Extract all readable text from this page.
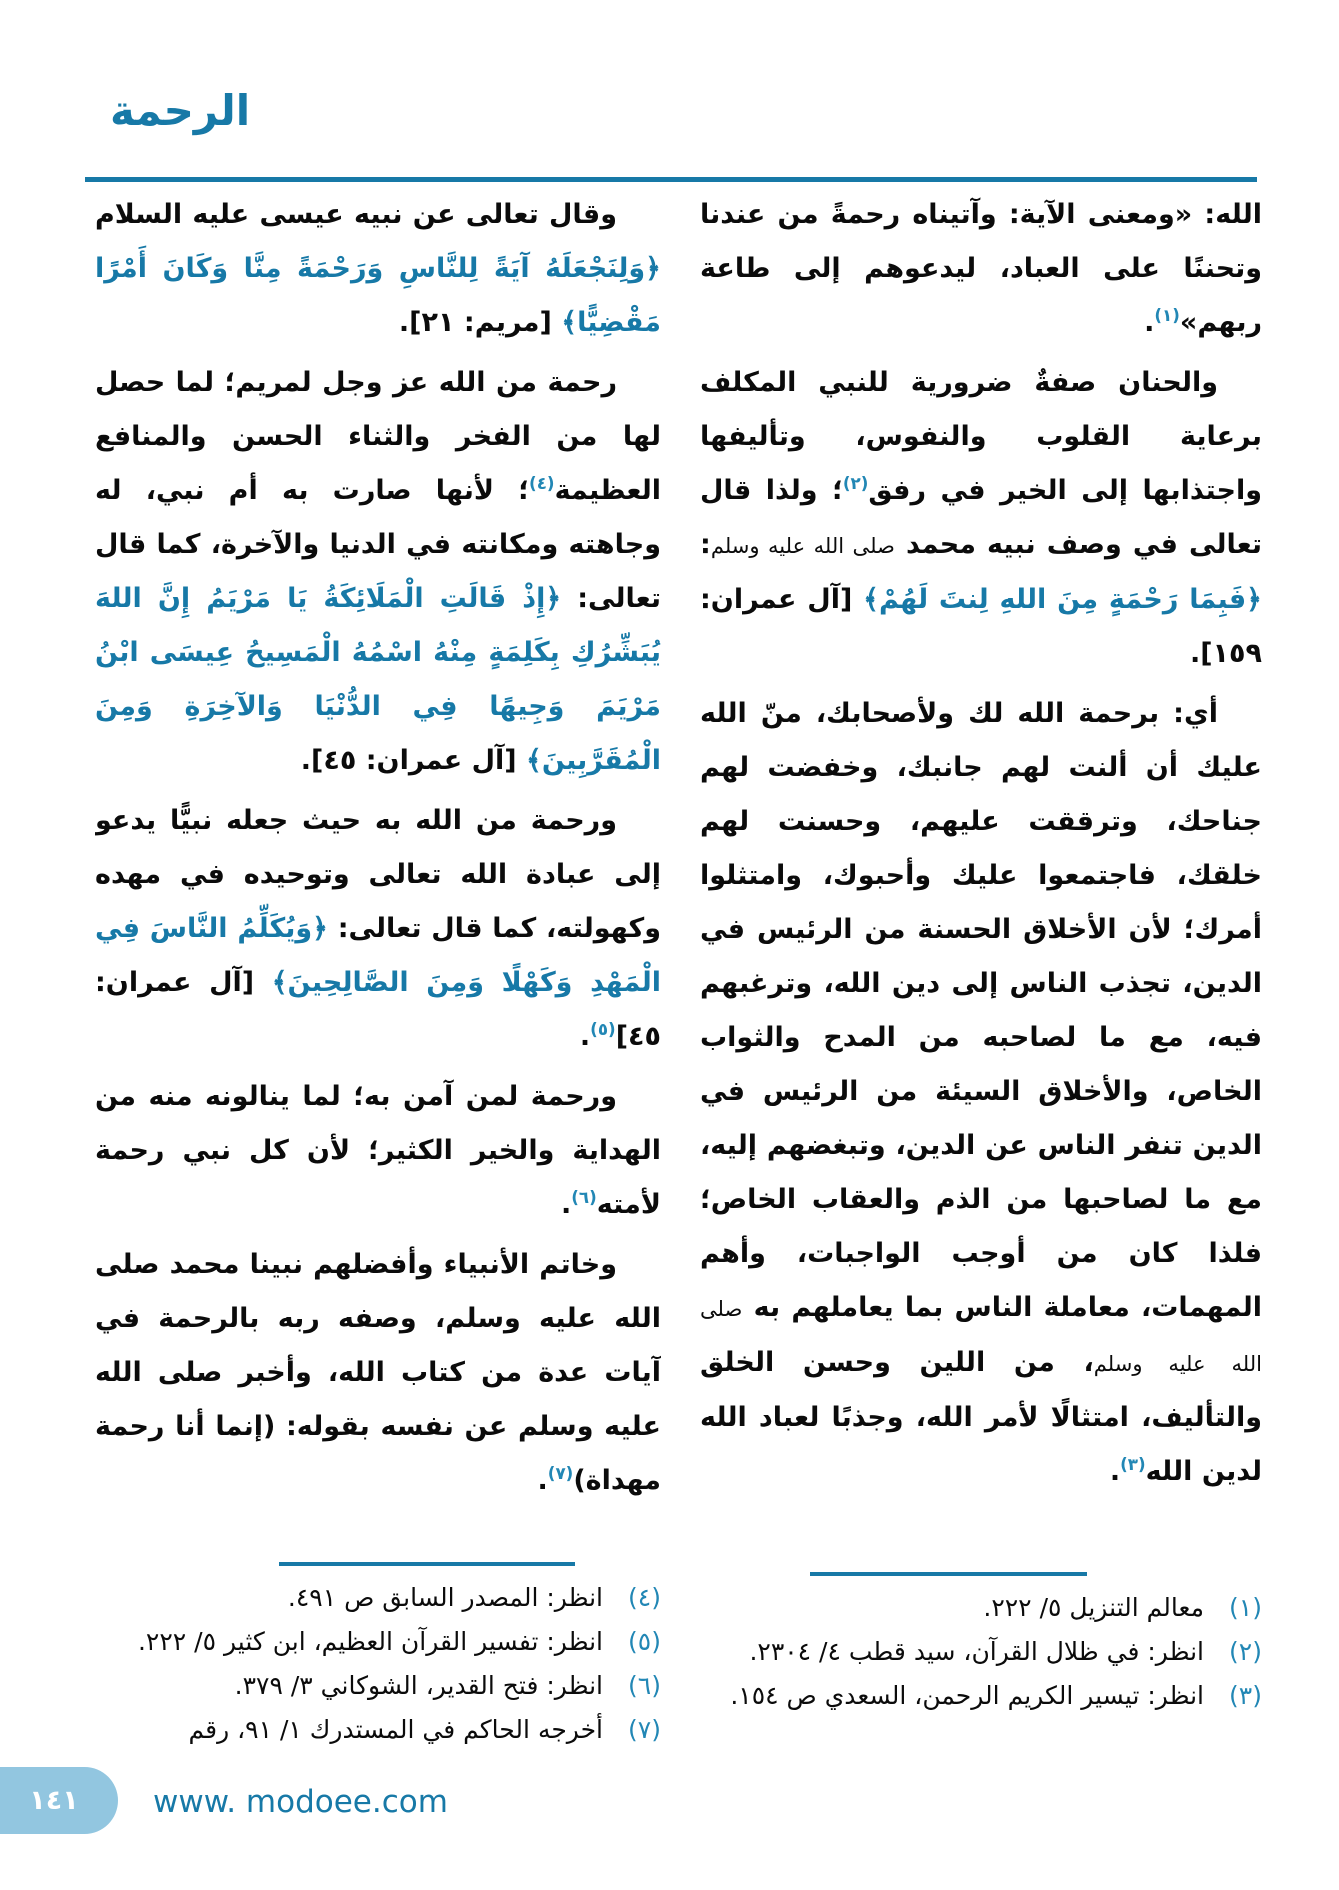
الرحمة

الله: «ومعنى الآية: وآتيناه رحمةً من عندنا وتحننًا على العباد، ليدعوهم إلى طاعة ربهم»$^{(١)}$.

والحنان صفةٌ ضرورية للنبي المكلف برعاية القلوب والنفوس، وتأليفها واجتذابها إلى الخير في رفق$^{(٢)}$؛ ولذا قال تعالى في وصف نبيه محمد صلى الله عليه وسلم: ﴿فَبِمَا رَحْمَةٍ مِنَ اللهِ لِنتَ لَهُمْ﴾ [آل عمران: ١٥٩].

أي: برحمة الله لك ولأصحابك، منّ الله عليك أن ألنت لهم جانبك، وخفضت لهم جناحك، وترققت عليهم، وحسنت لهم خلقك، فاجتمعوا عليك وأحبوك، وامتثلوا أمرك؛ لأن الأخلاق الحسنة من الرئيس في الدين، تجذب الناس إلى دين الله، وترغبهم فيه، مع ما لصاحبه من المدح والثواب الخاص، والأخلاق السيئة من الرئيس في الدين تنفر الناس عن الدين، وتبغضهم إليه، مع ما لصاحبها من الذم والعقاب الخاص؛ فلذا كان من أوجب الواجبات، وأهم المهمات، معاملة الناس بما يعاملهم به صلى الله عليه وسلم، من اللين وحسن الخلق والتأليف، امتثالًا لأمر الله، وجذبًا لعباد الله لدين الله$^{(٣)}$.

وقال تعالى عن نبيه عيسى عليه السلام ﴿وَلِنَجْعَلَهُ آيَةً لِلنَّاسِ وَرَحْمَةً مِنَّا وَكَانَ أَمْرًا مَقْضِيًّا﴾ [مريم: ٢١].

رحمة من الله عز وجل لمريم؛ لما حصل لها من الفخر والثناء الحسن والمنافع العظيمة$^{(٤)}$؛ لأنها صارت به أم نبي، له وجاهته ومكانته في الدنيا والآخرة، كما قال تعالى: ﴿إِذْ قَالَتِ الْمَلَائِكَةُ يَا مَرْيَمُ إِنَّ اللهَ يُبَشِّرُكِ بِكَلِمَةٍ مِنْهُ اسْمُهُ الْمَسِيحُ عِيسَى ابْنُ مَرْيَمَ وَجِيهًا فِي الدُّنْيَا وَالآخِرَةِ وَمِنَ الْمُقَرَّبِينَ﴾ [آل عمران: ٤٥].

ورحمة من الله به حيث جعله نبيًّا يدعو إلى عبادة الله تعالى وتوحيده في مهده وكهولته، كما قال تعالى: ﴿وَيُكَلِّمُ النَّاسَ فِي الْمَهْدِ وَكَهْلًا وَمِنَ الصَّالِحِينَ﴾ [آل عمران: ٤٥]$^{(٥)}$.

ورحمة لمن آمن به؛ لما ينالونه منه من الهداية والخير الكثير؛ لأن كل نبي رحمة لأمته$^{(٦)}$.

وخاتم الأنبياء وأفضلهم نبينا محمد صلى الله عليه وسلم، وصفه ربه بالرحمة في آيات عدة من كتاب الله، وأخبر صلى الله عليه وسلم عن نفسه بقوله: (إنما أنا رحمة مهداة)$^{(٧)}$.

(١)
معالم التنزيل ٥/ ٢٢٢.
(٢)
انظر: في ظلال القرآن، سيد قطب ٤/ ٢٣٠٤.
(٣)
انظر: تيسير الكريم الرحمن، السعدي ص ١٥٤.
(٤)
انظر: المصدر السابق ص ٤٩١.
(٥)
انظر: تفسير القرآن العظيم، ابن كثير ٥/ ٢٢٢.
(٦)
انظر: فتح القدير، الشوكاني ٣/ ٣٧٩.
(٧)
أخرجه الحاكم في المستدرك ١/ ٩١، رقم
١٤١	www. modoee.com
